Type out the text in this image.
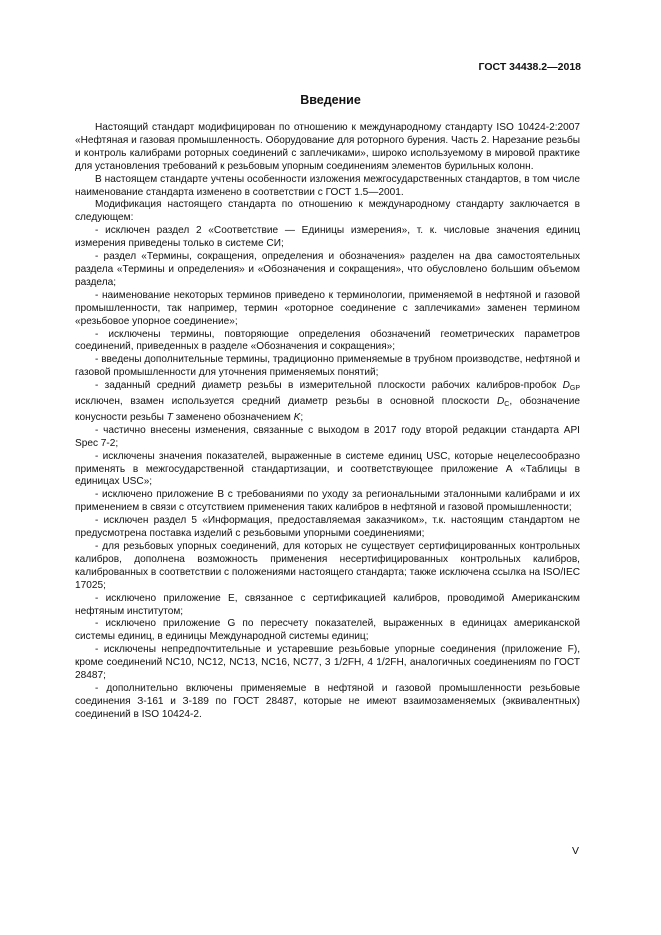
ГОСТ 34438.2—2018
Введение

Настоящий стандарт модифицирован по отношению к международному стандарту ISO 10424-2:2007 «Нефтяная и газовая промышленность. Оборудование для роторного бурения. Часть 2. Нарезание резьбы и контроль калибрами роторных соединений с заплечиками», широко используемому в мировой практике для установления требований к резьбовым упорным соединениям элементов бурильных колонн.

В настоящем стандарте учтены особенности изложения межгосударственных стандартов, в том числе наименование стандарта изменено в соответствии с ГОСТ 1.5—2001.

Модификация настоящего стандарта по отношению к международному стандарту заключается в следующем:

- исключен раздел 2 «Соответствие — Единицы измерения», т. к. числовые значения единиц измерения приведены только в системе СИ;

- раздел «Термины, сокращения, определения и обозначения» разделен на два самостоятельных раздела «Термины и определения» и «Обозначения и сокращения», что обусловлено большим объемом раздела;

- наименование некоторых терминов приведено к терминологии, применяемой в нефтяной и газовой промышленности, так например, термин «роторное соединение с заплечиками» заменен термином «резьбовое упорное соединение»;

- исключены термины, повторяющие определения обозначений геометрических параметров соединений, приведенных в разделе «Обозначения и сокращения»;

- введены дополнительные термины, традиционно применяемые в трубном производстве, нефтяной и газовой промышленности для уточнения применяемых понятий;

- заданный средний диаметр резьбы в измерительной плоскости рабочих калибров-пробок $D_{GP}$ исключен, взамен используется средний диаметр резьбы в основной плоскости $D_C$, обозначение конусности резьбы T заменено обозначением K;

- частично внесены изменения, связанные с выходом в 2017 году второй редакции стандарта API Spec 7-2;

- исключены значения показателей, выраженные в системе единиц USC, которые нецелесообразно применять в межгосударственной стандартизации, и соответствующее приложение А «Таблицы в единицах USC»;

- исключено приложение В с требованиями по уходу за региональными эталонными калибрами и их применением в связи с отсутствием применения таких калибров в нефтяной и газовой промышленности;

- исключен раздел 5 «Информация, предоставляемая заказчиком», т.к. настоящим стандартом не предусмотрена поставка изделий с резьбовыми упорными соединениями;

- для резьбовых упорных соединений, для которых не существует сертифицированных контрольных калибров, дополнена возможность применения несертифицированных контрольных калибров, калиброванных в соответствии с положениями настоящего стандарта; также исключена ссылка на ISO/IEC 17025;

- исключено приложение Е, связанное с сертификацией калибров, проводимой Американским нефтяным институтом;

- исключено приложение G по пересчету показателей, выраженных в единицах американской системы единиц, в единицы Международной системы единиц;

- исключены непредпочтительные и устаревшие резьбовые упорные соединения (приложение F), кроме соединений NC10, NC12, NC13, NC16, NC77, 3 1/2FH, 4 1/2FH, аналогичных соединениям по ГОСТ 28487;

- дополнительно включены применяемые в нефтяной и газовой промышленности резьбовые соединения З-161 и З-189 по ГОСТ 28487, которые не имеют взаимозаменяемых (эквивалентных) соединений в ISO 10424-2.

V
